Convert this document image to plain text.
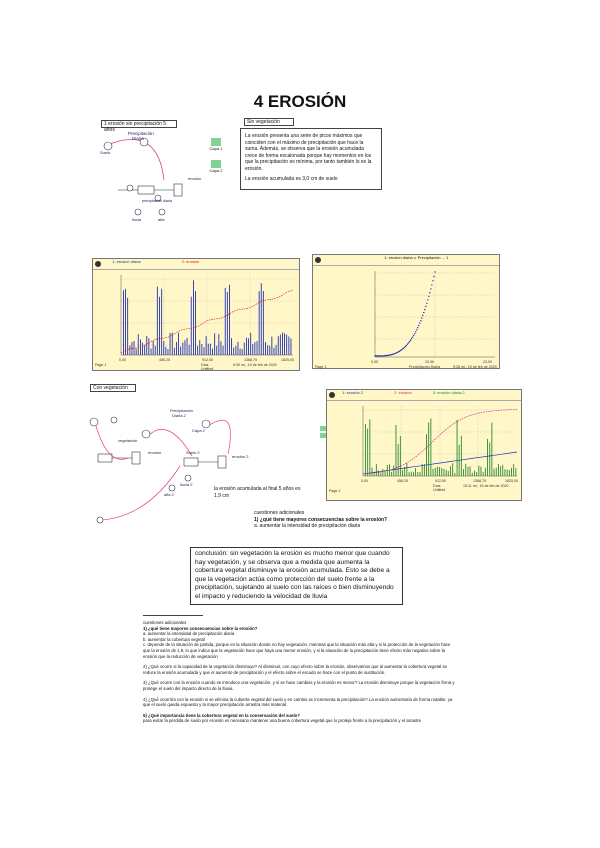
4 EROSIÓN
1 erosión sin precipitación 5 años
Precipitación
Diaria
Suelo
erosión
precipitación diaria
lluvia	alfa
Capa 1
Capa 2
Sin vegetación
La erosión presenta una serie de picos máximos que coinciden con el máximo de precipitación que hace la suma. Además, se observa que la erosión acumulada crece de forma escalonada porque hay momentos en los que la precipitación es mínima, por tanto también lo es la erosión.
La erosión acumulada es 3,0 cm de suelo
1: erosión diaria	2: erosión
0,00	456,25	912,50	1368,75	1825,00
Días
Untitled
9:30 mi., 19 de feb de 2020
Page 1
1: erosión diaria v. Precipitación ... 1
0,00	10,00	20,00
Precipitación Diaria	9:26 mi., 19 de feb de 2020
Page 1
Con vegetación
Precipitación
Diaria 2
vegetación
erosión
erosión 2
Suelo 2
Capa 2
alfa 2
lluvia 2
la erosión acumulada al final 5 años es 1,9 cm
1: erosión 2	2: erosión	3: erosión diaria 2
0,00	456,25	912,50	1368,75	1825,00
Días
Untitled
15:11 mi., 19 de feb de 2020
Page 1
cuestiones adicionales
1) ¿qué tiene mayores consecuencias sobre la erosión?
a. aumentar la intensidad de precipitación diaria
conclusión: sin vegetación la erosión es mucho menor que cuando hay vegetación, y se observa que a medida que aumenta la cobertura vegetal disminuye la erosión acumulada. Esto se debe a que la vegetación actúa como protección del suelo frente a la precipitación, sujetando al suelo con las raíces o bien disminuyendo el impacto y reduciendo la velocidad de lluvia

cuestiones adicionales

1) ¿qué tiene mayores consecuencias sobre la erosión?
a. aumentar la intensidad de precipitación diaria
b. aumentar la cobertura vegetal
c. depende de la situación de partida, porque en la situación donde no hay vegetación, mientras que la situación más alta y si la protección de la vegetación hace que la erosión de 1,9, lo que indica que la vegetación hace que haya una menor erosión, y si la situación de la precipitación tiene efecto más negativo sobre la erosión que la reducción de vegetación

2) ¿Qué ocurre si la capacidad de la vegetación disminuye? Al disminuir, con cuyo efecto sobre la erosión, observamos que al aumentar la cobertura vegetal se reduce la erosión acumulada y que el aumento de precipitación y el efecto sobre el escudo se hace con el punto de sustitución.

3) ¿Qué ocurre con la erosión cuando se introduce una vegetación, y si se hace cambios y la erosión es menor? La erosión disminuye porque la vegetación frena y protege el suelo del impacto directo de la lluvia.

4) ¿Qué ocurriría con la erosión si se elimina la cubierta vegetal del suelo y en cambio se incrementa la precipitación? La erosión aumentaría de forma notable, ya que el suelo queda expuesto y la mayor precipitación arrastra más material.

5) ¿Qué importancia tiene la cobertura vegetal en la conservación del suelo?
para evitar la pérdida de suelo por erosión es necesario mantener una buena cobertura vegetal que lo proteja frente a la precipitación y el arrastre
